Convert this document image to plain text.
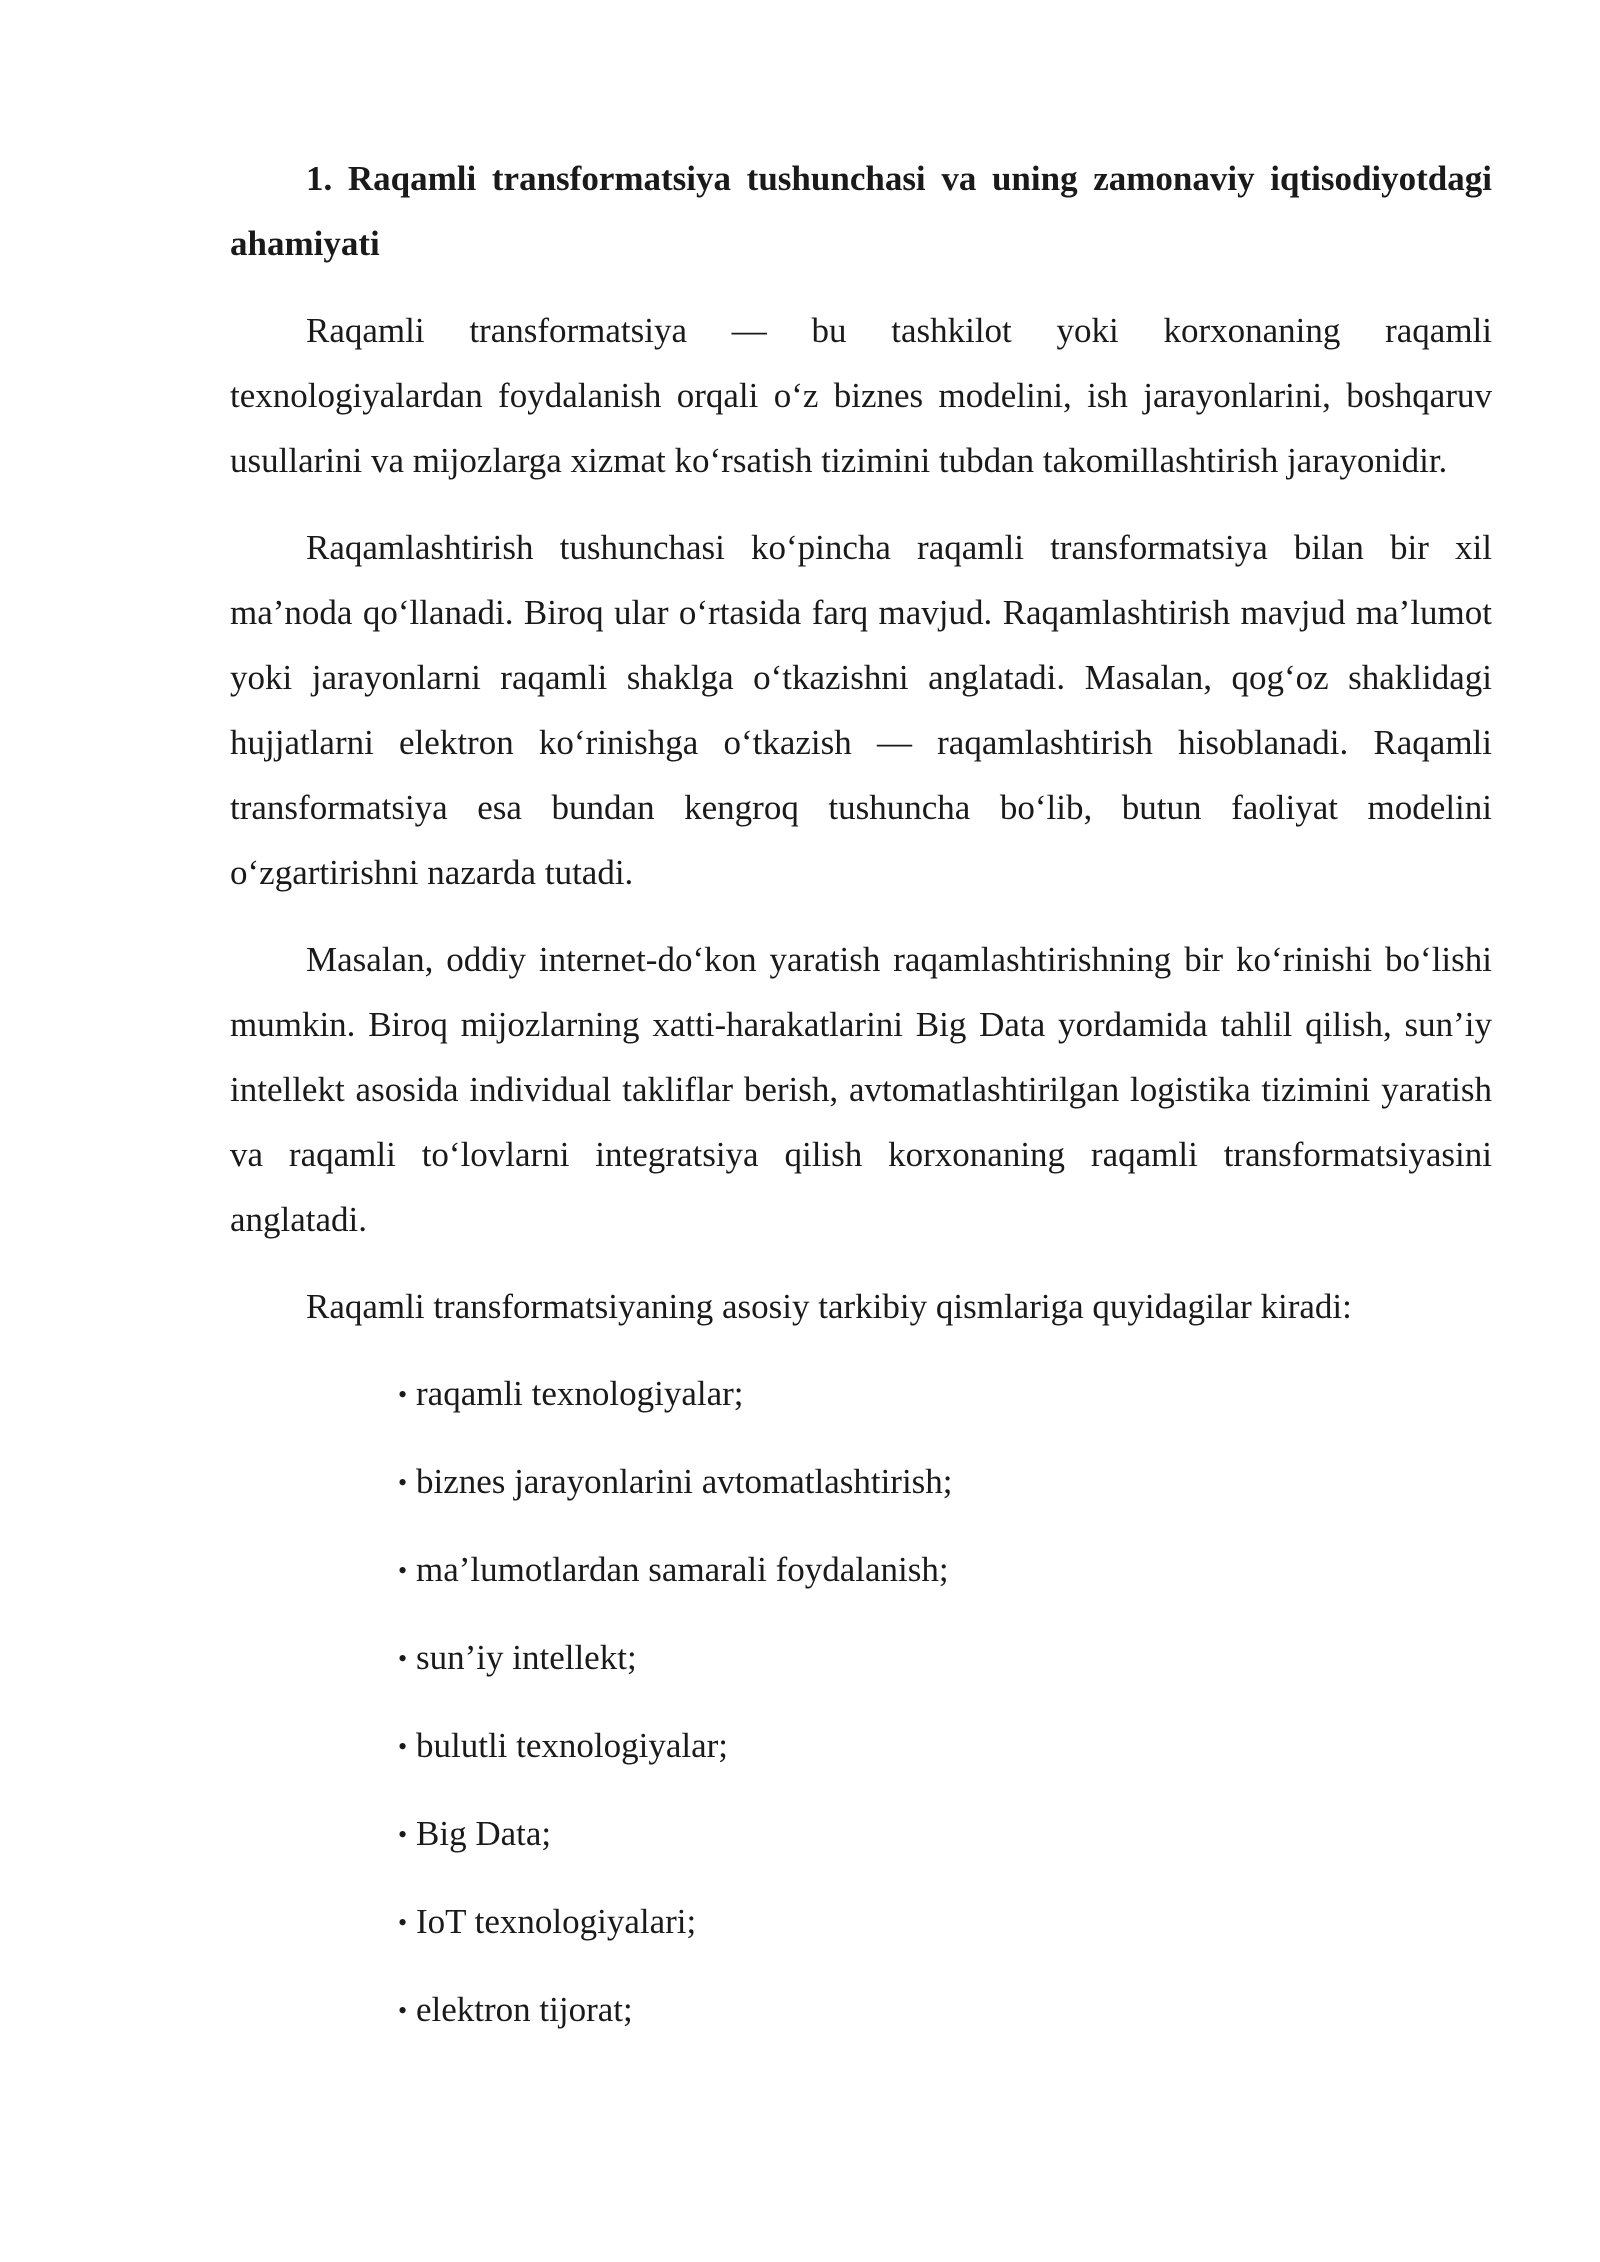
1. Raqamli transformatsiya tushunchasi va uning zamonaviy iqtisodiyotdagi ahamiyati

Raqamli transformatsiya — bu tashkilot yoki korxonaning raqamli texnologiyalardan foydalanish orqali o‘z biznes modelini, ish jarayonlarini, boshqaruv usullarini va mijozlarga xizmat ko‘rsatish tizimini tubdan takomillashtirish jarayonidir.

Raqamlashtirish tushunchasi ko‘pincha raqamli transformatsiya bilan bir xil ma’noda qo‘llanadi. Biroq ular o‘rtasida farq mavjud. Raqamlashtirish mavjud ma’lumot yoki jarayonlarni raqamli shaklga o‘tkazishni anglatadi. Masalan, qog‘oz shaklidagi hujjatlarni elektron ko‘rinishga o‘tkazish — raqamlashtirish hisoblanadi. Raqamli transformatsiya esa bundan kengroq tushuncha bo‘lib, butun faoliyat modelini o‘zgartirishni nazarda tutadi.

Masalan, oddiy internet-do‘kon yaratish raqamlashtirishning bir ko‘rinishi bo‘lishi mumkin. Biroq mijozlarning xatti-harakatlarini Big Data yordamida tahlil qilish, sun’iy intellekt asosida individual takliflar berish, avtomatlashtirilgan logistika tizimini yaratish va raqamli to‘lovlarni integratsiya qilish korxonaning raqamli transformatsiyasini anglatadi.

Raqamli transformatsiyaning asosiy tarkibiy qismlariga quyidagilar kiradi:

• raqamli texnologiyalar;
• biznes jarayonlarini avtomatlashtirish;
• ma’lumotlardan samarali foydalanish;
• sun’iy intellekt;
• bulutli texnologiyalar;
• Big Data;
• IoT texnologiyalari;
• elektron tijorat;
